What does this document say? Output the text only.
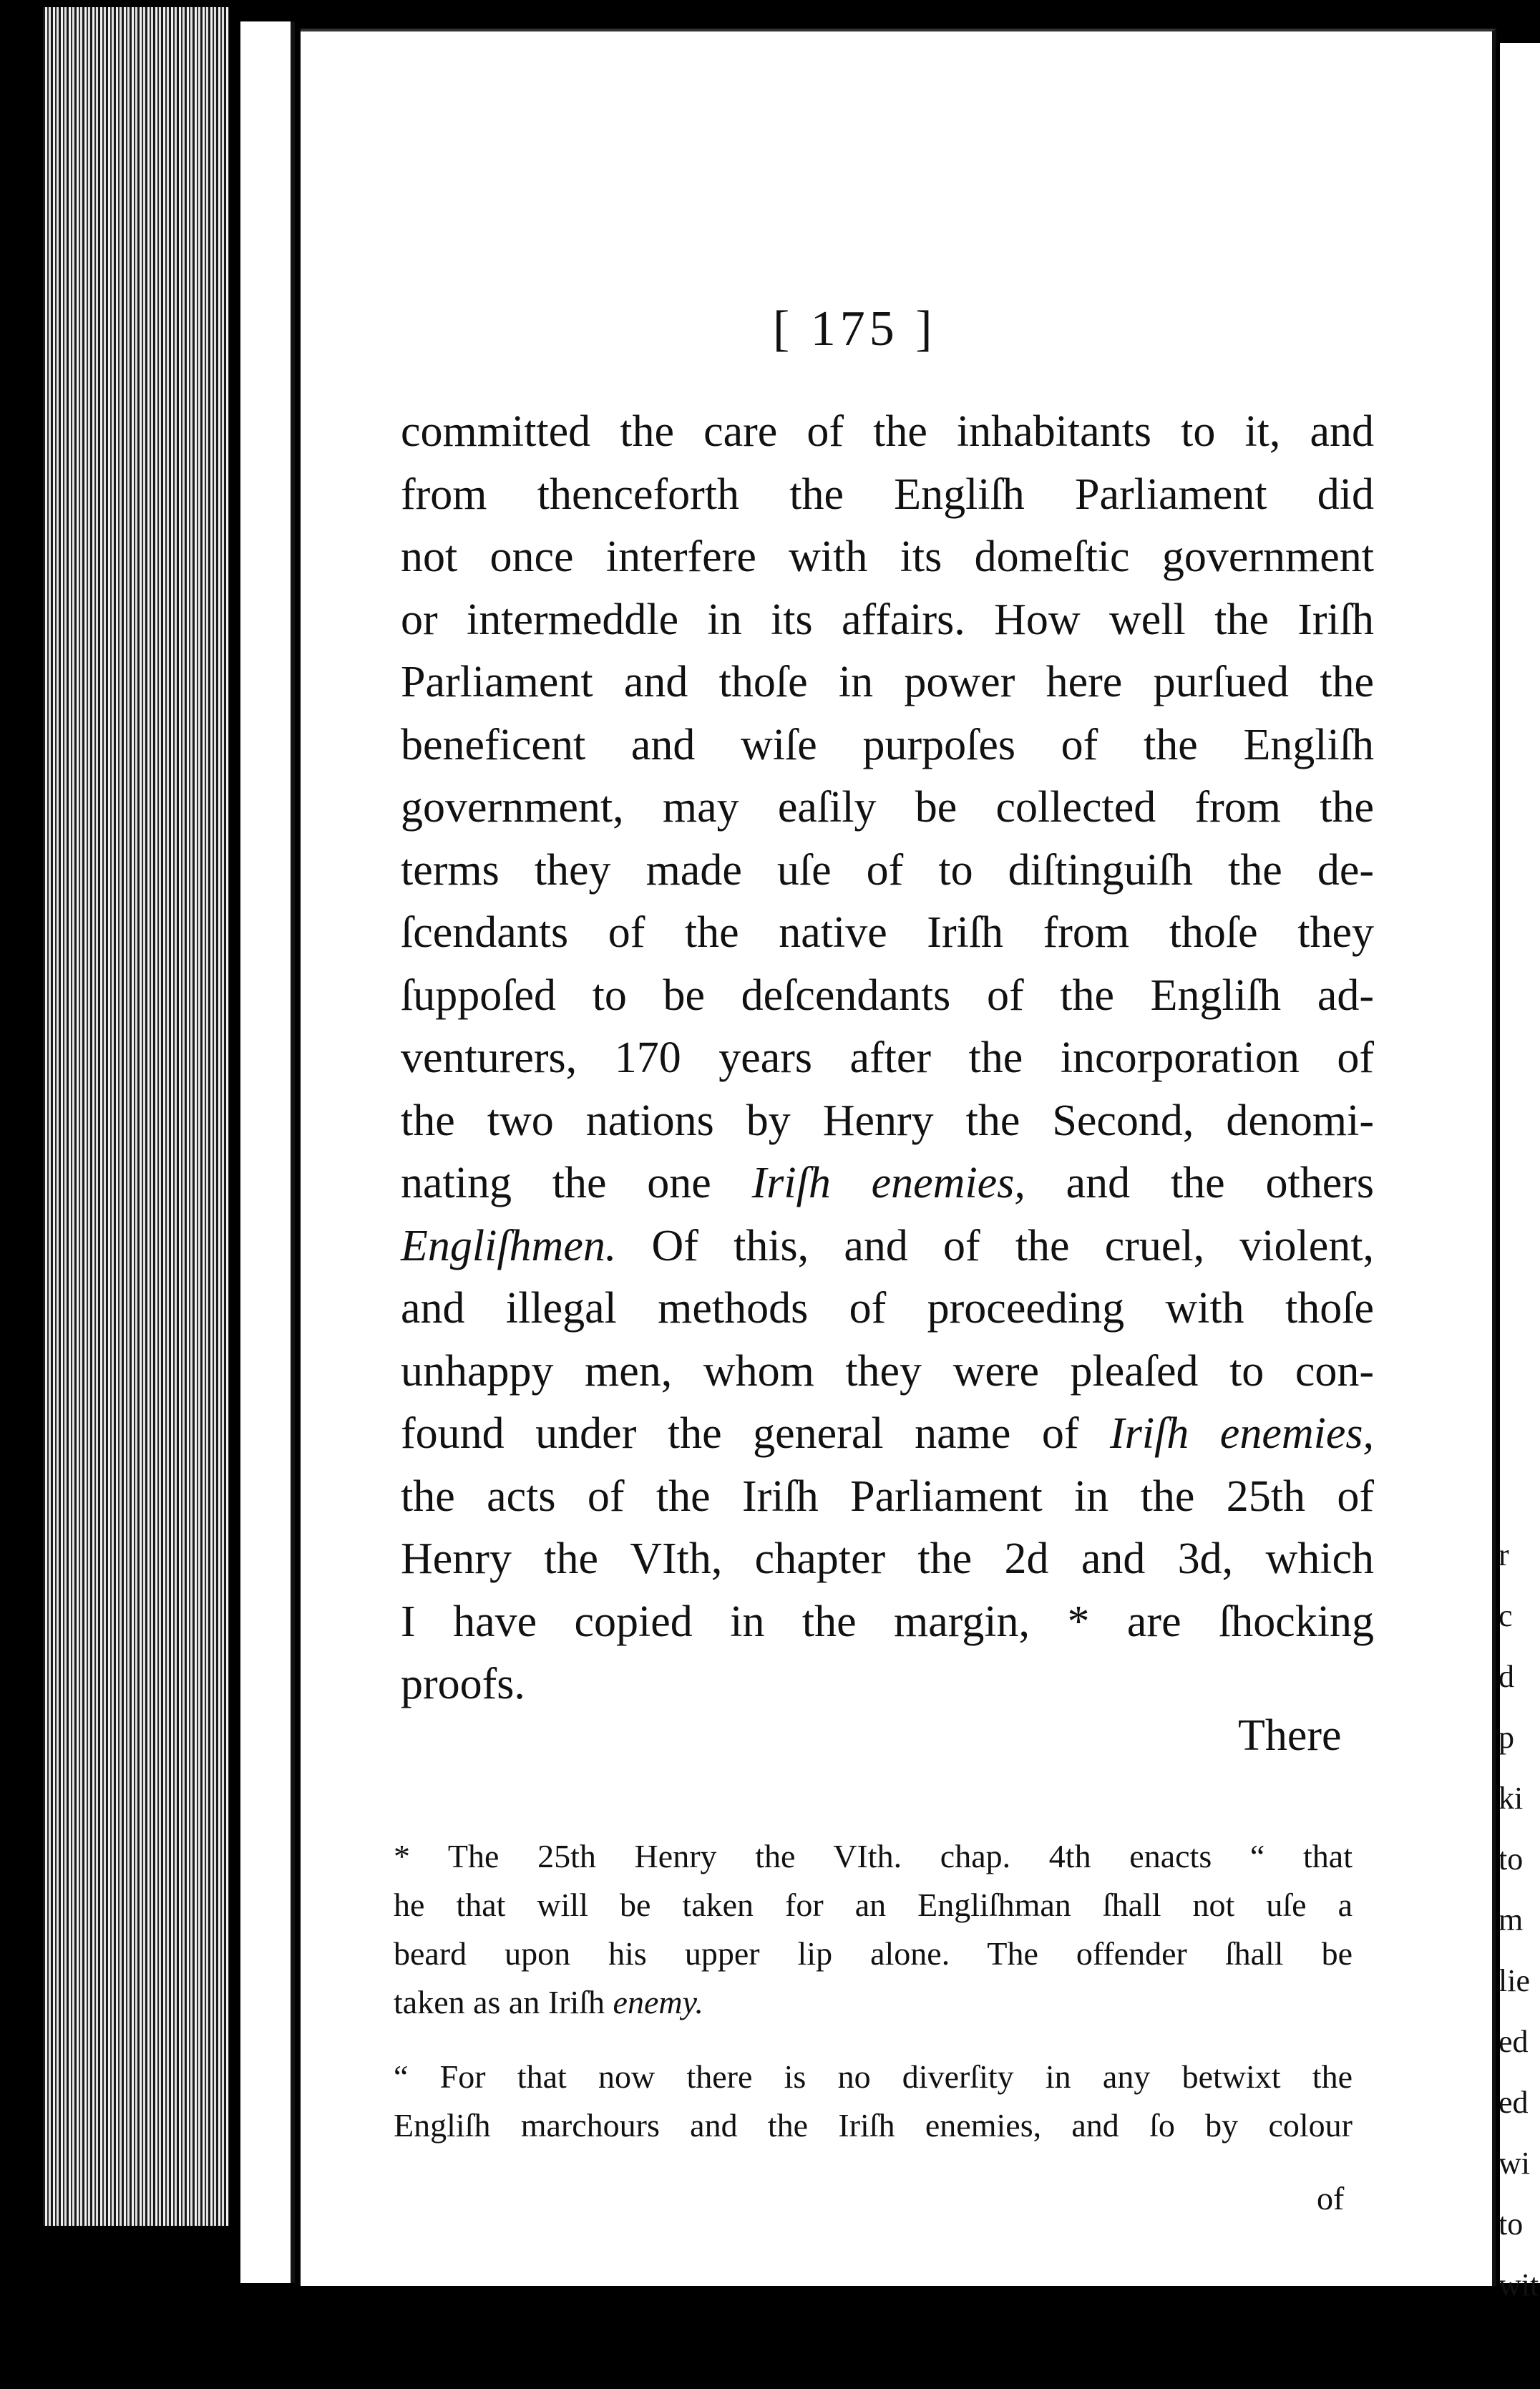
r
c
d
p
ki
to
m
lie
ed
ed
wi
to
wit
[ 175 ]
committed the care of the inhabitants to it, and
from thenceforth the Engliſh Parliament did
not once interfere with its domeſtic government
or intermeddle in its affairs. How well the Iriſh
Parliament and thoſe in power here purſued the
beneficent and wiſe purpoſes of the Engliſh
government, may eaſily be collected from the
terms they made uſe of to diſtinguiſh the de-
ſcendants of the native Iriſh from thoſe they
ſuppoſed to be deſcendants of the Engliſh ad-
venturers, 170 years after the incorporation of
the two nations by Henry the Second, denomi-
nating the one Iriſh enemies, and the others
Engliſhmen. Of this, and of the cruel, violent,
and illegal methods of proceeding with thoſe
unhappy men, whom they were pleaſed to con-
found under the general name of Iriſh enemies,
the acts of the Iriſh Parliament in the 25th of
Henry the VIth, chapter the 2d and 3d, which
I have copied in the margin, * are ſhocking
proofs.
There
* The 25th Henry the VIth. chap. 4th enacts “ that
he that will be taken for an Engliſhman ſhall not uſe a
beard upon his upper lip alone. The offender ſhall be
taken as an Iriſh enemy.
“ For that now there is no diverſity in any betwixt the
Engliſh marchours and the Iriſh enemies, and ſo by colour
of
